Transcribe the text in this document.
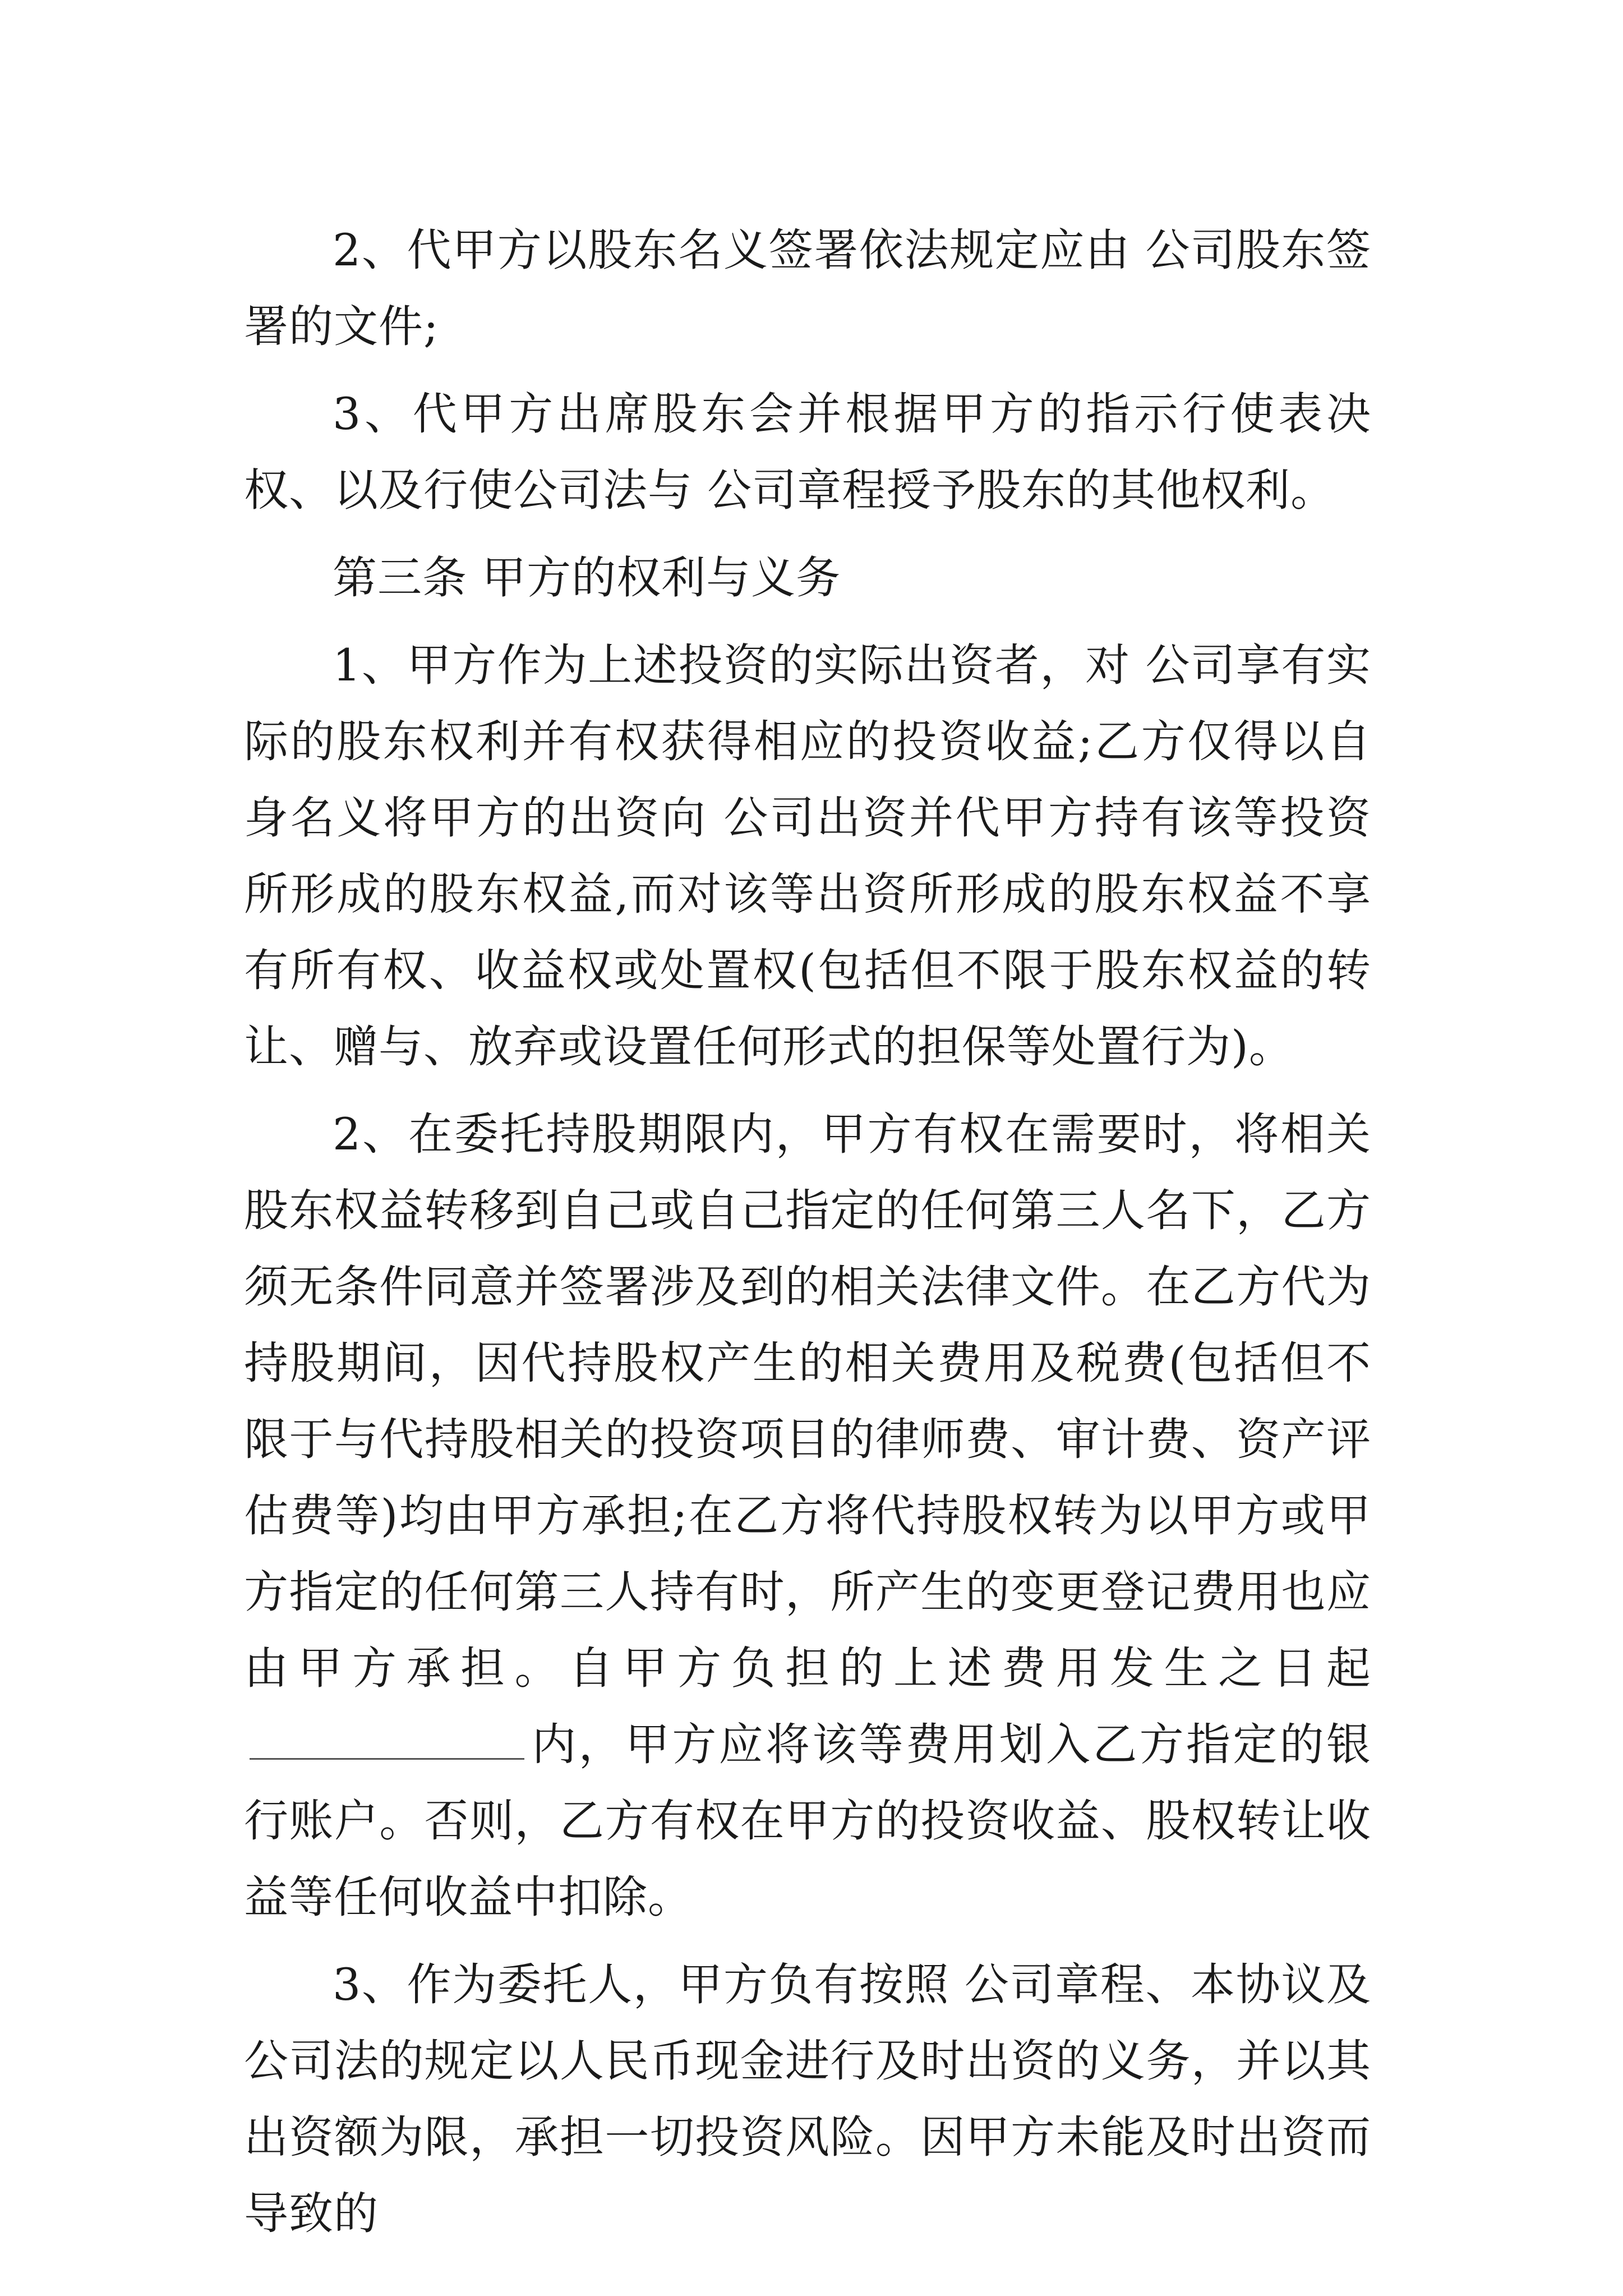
2、代甲方以股东名义签署依法规定应由 公司股东签署的文件;

3、代甲方出席股东会并根据甲方的指示行使表决权、以及行使公司法与 公司章程授予股东的其他权利。

第三条 甲方的权利与义务

1、甲方作为上述投资的实际出资者，对 公司享有实际的股东权利并有权获得相应的投资收益;乙方仅得以自身名义将甲方的出资向 公司出资并代甲方持有该等投资所形成的股东权益,而对该等出资所形成的股东权益不享有所有权、收益权或处置权(包括但不限于股东权益的转让、赠与、放弃或设置任何形式的担保等处置行为)。

2、在委托持股期限内，甲方有权在需要时，将相关股东权益转移到自己或自己指定的任何第三人名下，乙方须无条件同意并签署涉及到的相关法律文件。在乙方代为持股期间，因代持股权产生的相关费用及税费(包括但不限于与代持股相关的投资项目的律师费、审计费、资产评估费等)均由甲方承担;在乙方将代持股权转为以甲方或甲方指定的任何第三人持有时，所产生的变更登记费用也应由甲方承担。自甲方负担的上述费用发生之日起内，甲方应将该等费用划入乙方指定的银行账户。否则，乙方有权在甲方的投资收益、股权转让收益等任何收益中扣除。

3、作为委托人，甲方负有按照 公司章程、本协议及公司法的规定以人民币现金进行及时出资的义务，并以其出资额为限，承担一切投资风险。因甲方未能及时出资而导致的
